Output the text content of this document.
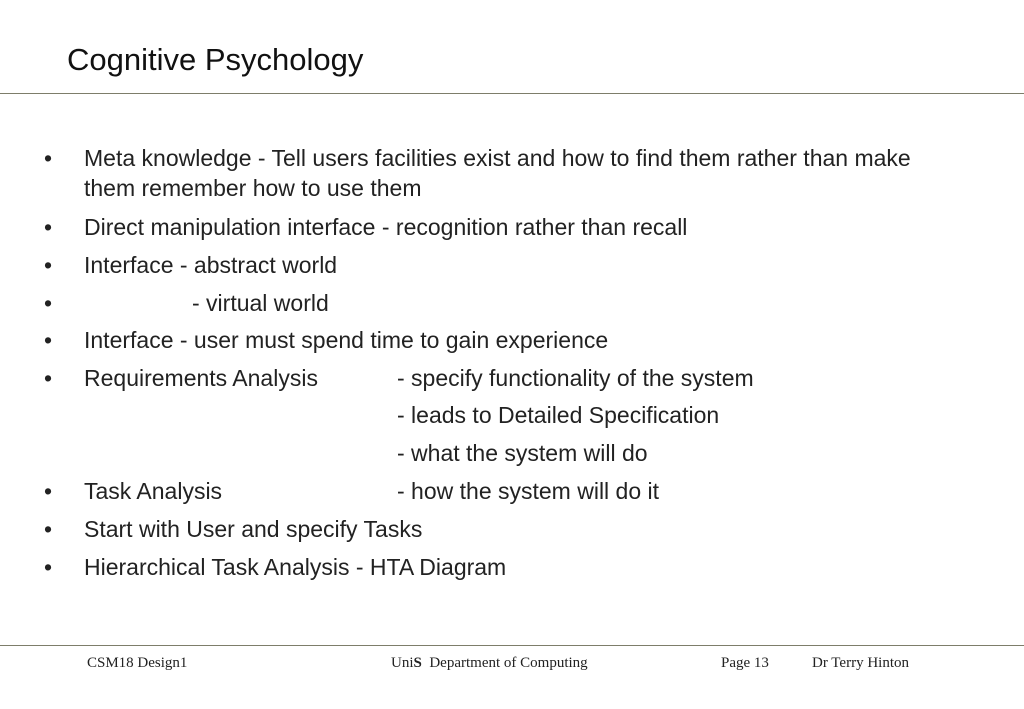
Cognitive Psychology
•	Meta knowledge - Tell users facilities exist and how to find them rather than make them remember how to use them
•	Direct manipulation interface - recognition rather than recall
•	Interface - abstract world
•	- virtual world
•	Interface - user must spend time to gain experience
•	Requirements Analysis	- specify functionality of the system
- leads to Detailed Specification
- what the system will do
•	Task Analysis	- how the system will do it
•	Start with User and specify Tasks
•	Hierarchical Task Analysis - HTA Diagram
CSM18 Design1	UniS  Department of Computing	Page 13	Dr Terry Hinton
